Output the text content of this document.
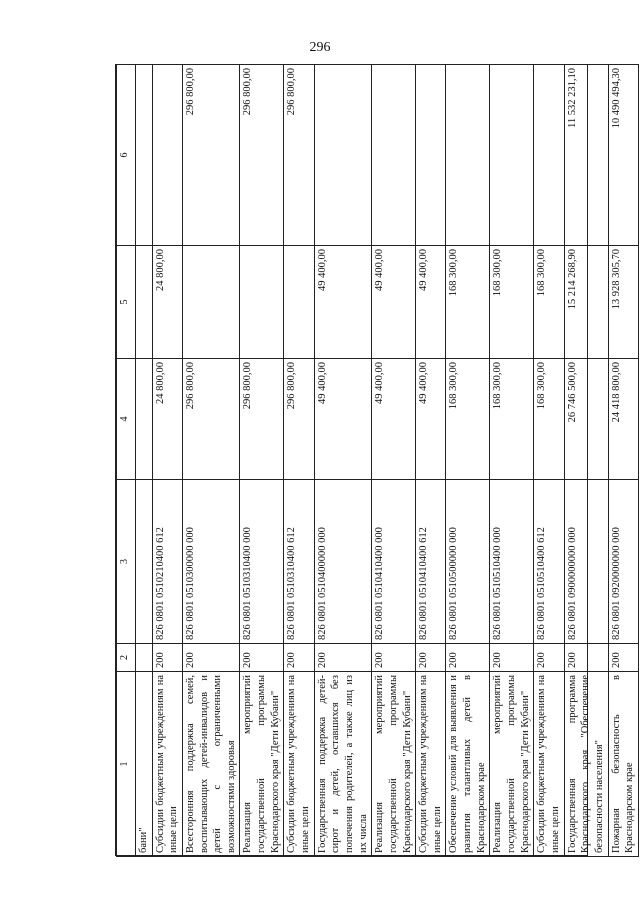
296
1	2	3	4	5	6
бани"					
Субсидии бюджетным учреждениям на иные цели	200	826 0801 0510210400 612	24 800,00	24 800,00	
Всесторонняя поддержка семей, воспитывающих детей-инвалидов и детей с ограниченными возможностями здоровья	200	826 0801 0510300000 000	296 800,00		296 800,00
Реализация мероприятий государственной программы Краснодарского края "Дети Кубани"	200	826 0801 0510310400 000	296 800,00		296 800,00
Субсидии бюджетным учреждениям на иные цели	200	826 0801 0510310400 612	296 800,00		296 800,00
Государственная поддержка детей-сирот и детей, оставшихся без попечения родителей, а также лиц из их числа	200	826 0801 0510400000 000	49 400,00	49 400,00	
Реализация мероприятий государственной программы Краснодарского края "Дети Кубани"	200	826 0801 0510410400 000	49 400,00	49 400,00	
Субсидии бюджетным учреждениям на иные цели	200	826 0801 0510410400 612	49 400,00	49 400,00	
Обеспечение условий для выявления и развития талантливых детей в Краснодарском крае	200	826 0801 0510500000 000	168 300,00	168 300,00	
Реализация мероприятий государственной программы Краснодарского края "Дети Кубани"	200	826 0801 0510510400 000	168 300,00	168 300,00	
Субсидии бюджетным учреждениям на иные цели	200	826 0801 0510510400 612	168 300,00	168 300,00	
Государственная программа Краснодарского края "Обеспечение безопасности населения"	200	826 0801 0900000000 000	26 746 500,00	15 214 268,90	11 532 231,10
Пожарная безопасность в Краснодарском крае	200	826 0801 0920000000 000	24 418 800,00	13 928 305,70	10 490 494,30
